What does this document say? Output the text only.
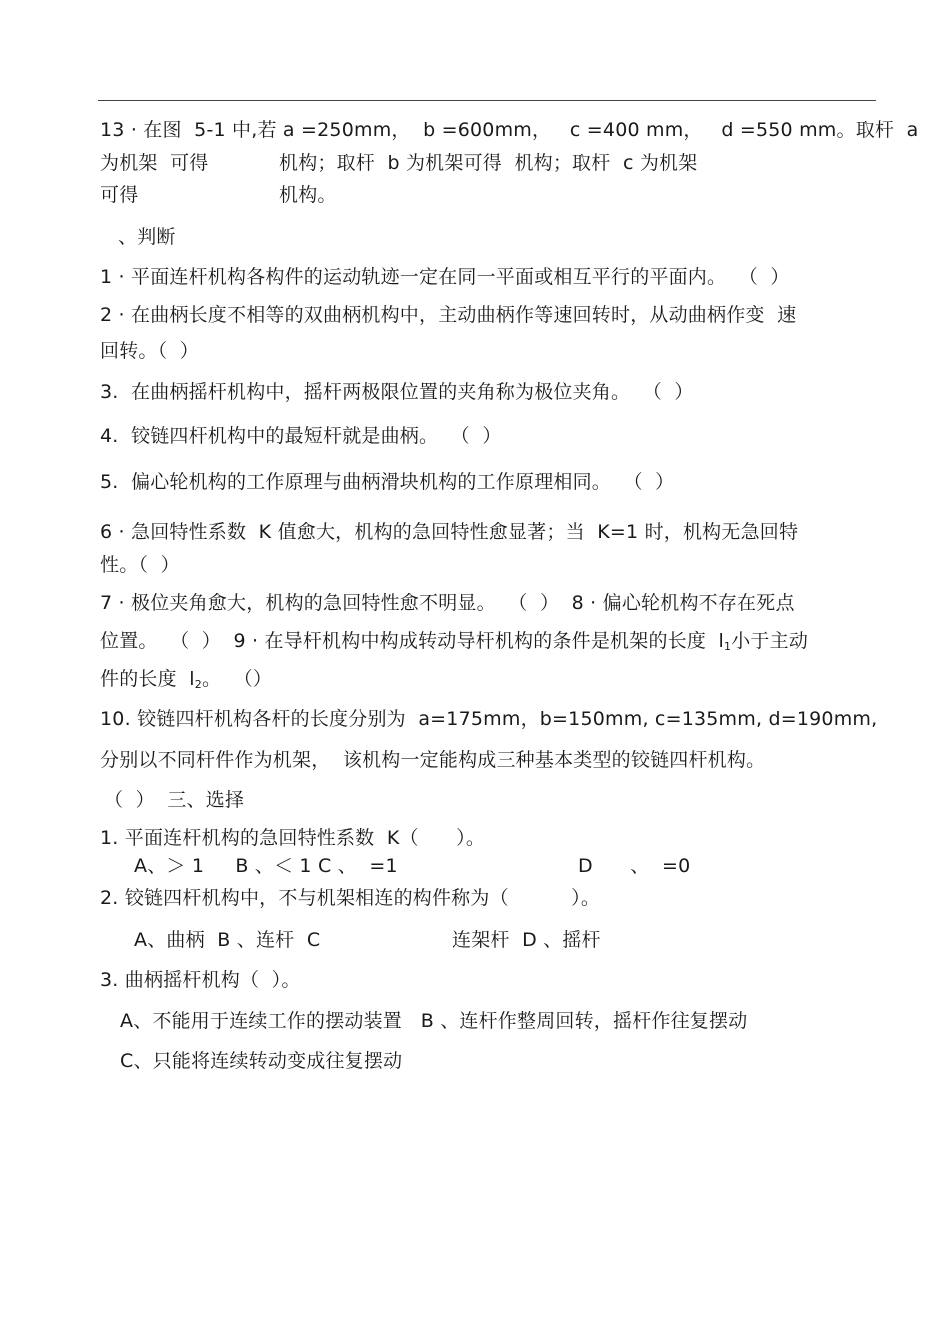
13 · 在图  5-1 中,若 a =250mm，  b =600mm，   c =400 mm，   d =550 mm。取杆  a
为机架  可得	机构；取杆  b 为机架可得  机构；取杆  c 为机架
可得	机构。
、判断
1 · 平面连杆机构各构件的运动轨迹一定在同一平面或相互平行的平面内。  （  ）
2 · 在曲柄长度不相等的双曲柄机构中，主动曲柄作等速回转时，从动曲柄作变  速
回转。（  ）
3.  在曲柄摇杆机构中，摇杆两极限位置的夹角称为极位夹角。  （  ）
4.  铰链四杆机构中的最短杆就是曲柄。  （  ）
5.  偏心轮机构的工作原理与曲柄滑块机构的工作原理相同。  （  ）
6 · 急回特性系数  K 值愈大，机构的急回特性愈显著；当  K=1 时，机构无急回特
性。（  ）
7 · 极位夹角愈大，机构的急回特性愈不明显。  （  ）  8 · 偏心轮机构不存在死点
位置。  （  ）  9 · 在导杆机构中构成转动导杆机构的条件是机架的长度  l1小于主动
件的长度  l2。  （）
10. 铰链四杆机构各杆的长度分别为  a=175mm，b=150mm, c=135mm, d=190mm,
分别以不同杆件作为机架，  该机构一定能构成三种基本类型的铰链四杆机构。
（  ）  三、选择
1. 平面连杆机构的急回特性系数  K（      ）。
A、＞ 1     B 、＜ 1 C 、  =1	D      、  =0
2. 铰链四杆机构中，不与机架相连的构件称为（          ）。
A、曲柄  B 、连杆  C	连架杆  D 、摇杆
3. 曲柄摇杆机构（  ）。
A、不能用于连续工作的摆动装置   B 、连杆作整周回转，摇杆作往复摆动
C、只能将连续转动变成往复摆动
